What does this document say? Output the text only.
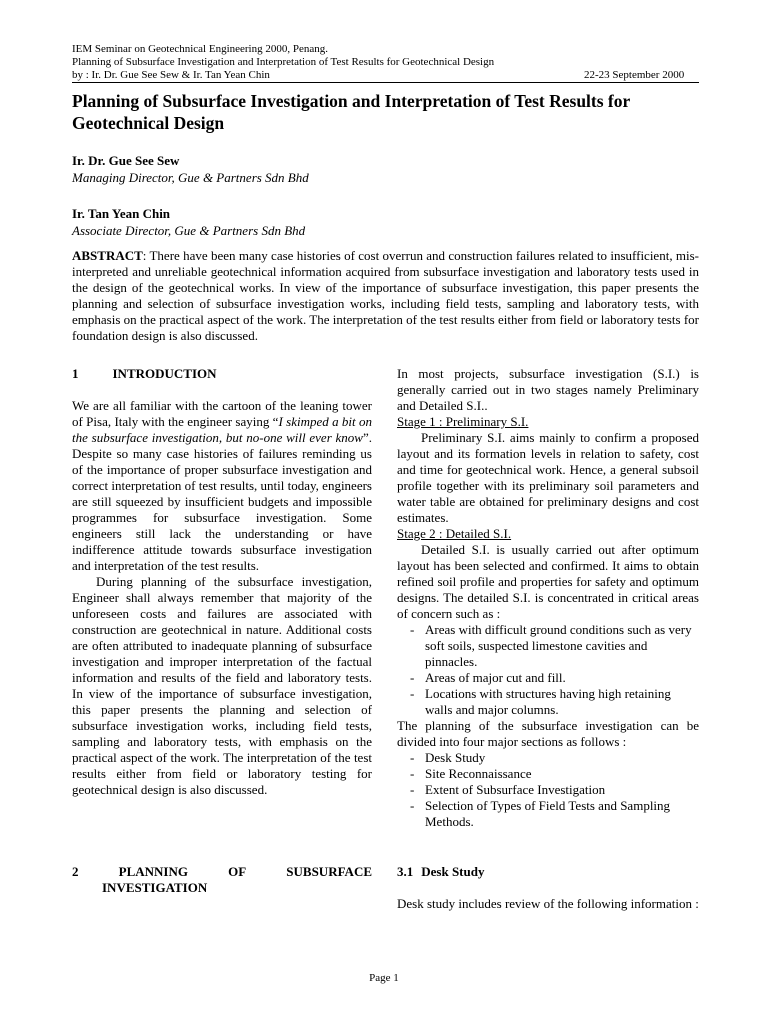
IEM Seminar on Geotechnical Engineering 2000, Penang.
Planning of Subsurface Investigation and Interpretation of Test Results for Geotechnical Design
by : Ir. Dr. Gue See Sew & Ir. Tan Yean Chin	22-23 September 2000
Planning of Subsurface Investigation and Interpretation of Test Results for Geotechnical Design
Ir. Dr. Gue See Sew
Managing Director, Gue & Partners Sdn Bhd
Ir. Tan Yean Chin
Associate Director, Gue & Partners Sdn Bhd
ABSTRACT: There have been many case histories of cost overrun and construction failures related to insufficient, mis-interpreted and unreliable geotechnical information acquired from subsurface investigation and laboratory tests used in the design of the geotechnical works. In view of the importance of subsurface investigation, this paper presents the planning and selection of subsurface investigation works, including field tests, sampling and laboratory tests, with emphasis on the practical aspect of the work. The interpretation of the test results either from field or laboratory tests for foundation design is also discussed.
1	INTRODUCTION

We are all familiar with the cartoon of the leaning tower of Pisa, Italy with the engineer saying “I skimped a bit on the subsurface investigation, but no-one will ever know”. Despite so many case histories of failures reminding us of the importance of proper subsurface investigation and correct interpretation of test results, until today, engineers are still squeezed by insufficient budgets and impossible programmes for subsurface investigation. Some engineers still lack the understanding or have indifference attitude towards subsurface investigation and interpretation of the test results.

During planning of the subsurface investigation, Engineer shall always remember that majority of the unforeseen costs and failures are associated with construction are geotechnical in nature. Additional costs are often attributed to inadequate planning of subsurface investigation and improper interpretation of the factual information and results of the field and laboratory tests. In view of the importance of subsurface investigation, this paper presents the planning and selection of subsurface investigation works, including field tests, sampling and laboratory tests, with emphasis on the practical aspect of the work. The interpretation of the test results either from field or laboratory testing for geotechnical design is also discussed.

In most projects, subsurface investigation (S.I.) is generally carried out in two stages namely Preliminary and Detailed S.I..

Stage 1 : Preliminary S.I.

Preliminary S.I. aims mainly to confirm a proposed layout and its formation levels in relation to safety, cost and time for geotechnical work. Hence, a general subsoil profile together with its preliminary soil parameters and water table are obtained for preliminary designs and cost estimates.

Stage 2 : Detailed S.I.

Detailed S.I. is usually carried out after optimum layout has been selected and confirmed. It aims to obtain refined soil profile and properties for safety and optimum designs. The detailed S.I. is concentrated in critical areas of concern such as :

- Areas with difficult ground conditions such as very soft soils, suspected limestone cavities and pinnacles.
- Areas of major cut and fill.
- Locations with structures having high retaining walls and major columns.

The planning of the subsurface investigation can be divided into four major sections as follows :

- Desk Study
- Site Reconnaissance
- Extent of Subsurface Investigation
- Selection of Types of Field Tests and Sampling Methods.
2	PLANNING	OF	SUBSURFACE
INVESTIGATION
3.1 Desk Study
Desk study includes review of the following information :
Page 1
